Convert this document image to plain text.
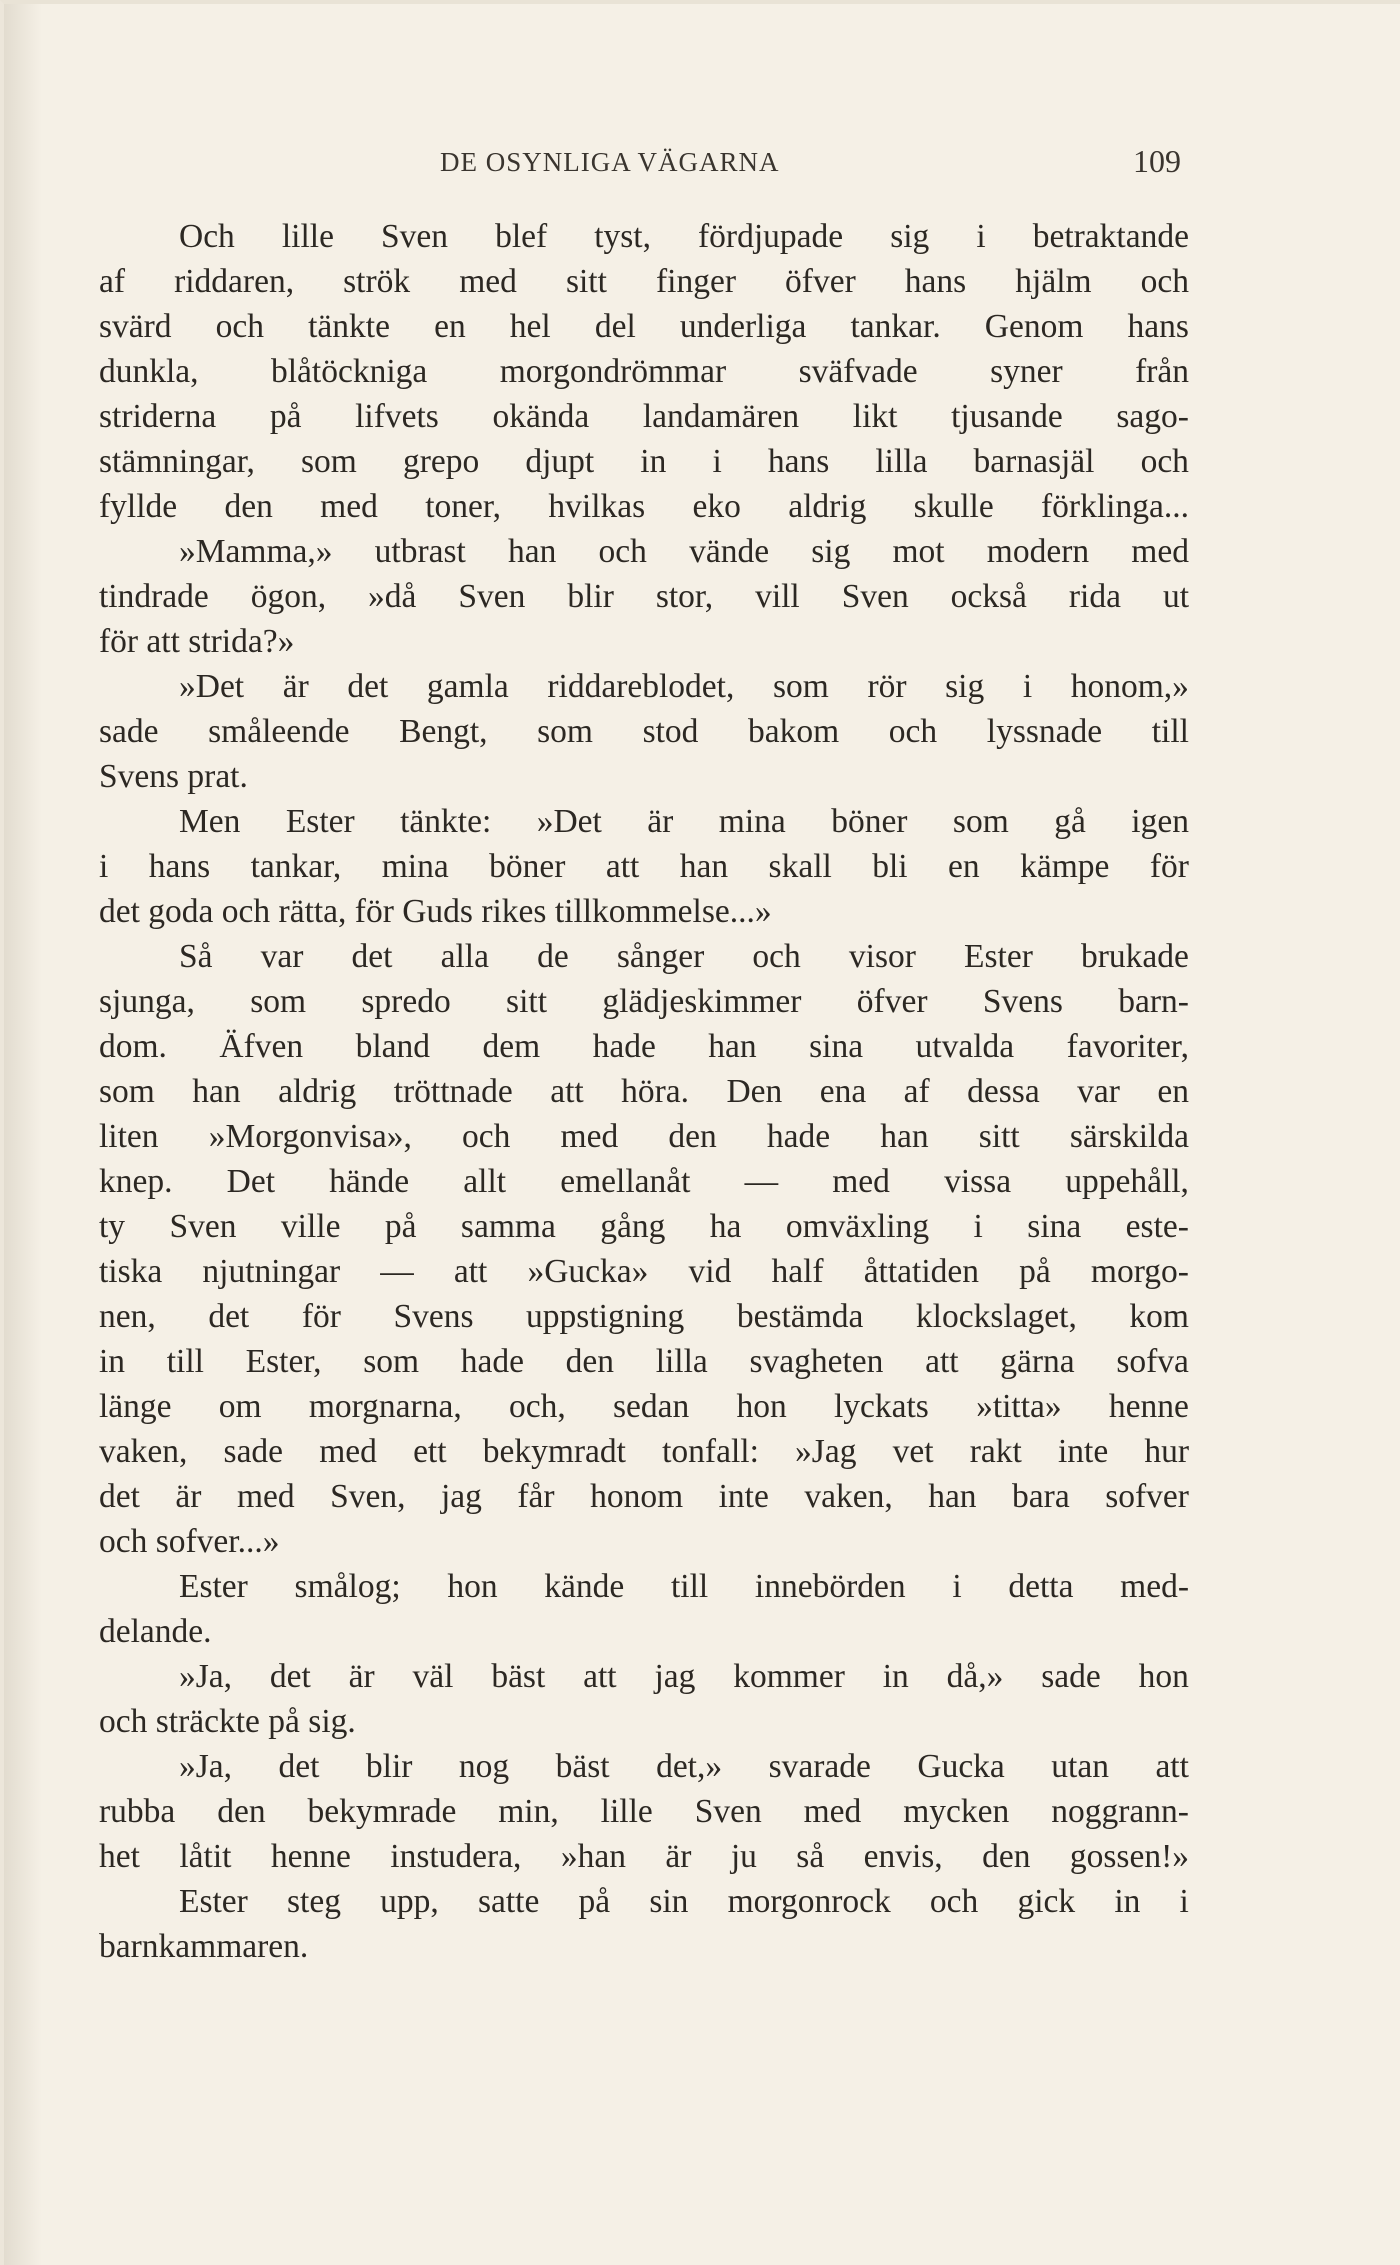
DE OSYNLIGA VÄGARNA	109
Och lille Sven blef tyst, fördjupade sig i betraktande
af riddaren, strök med sitt finger öfver hans hjälm och
svärd och tänkte en hel del underliga tankar. Genom hans
dunkla, blåtöckniga morgondrömmar sväfvade syner från
striderna på lifvets okända landamären likt tjusande sago-
stämningar, som grepo djupt in i hans lilla barnasjäl och
fyllde den med toner, hvilkas eko aldrig skulle förklinga...
»Mamma,» utbrast han och vände sig mot modern med
tindrade ögon, »då Sven blir stor, vill Sven också rida ut
för att strida?»
»Det är det gamla riddareblodet, som rör sig i honom,»
sade småleende Bengt, som stod bakom och lyssnade till
Svens prat.
Men Ester tänkte: »Det är mina böner som gå igen
i hans tankar, mina böner att han skall bli en kämpe för
det goda och rätta, för Guds rikes tillkommelse...»
Så var det alla de sånger och visor Ester brukade
sjunga, som spredo sitt glädjeskimmer öfver Svens barn-
dom. Äfven bland dem hade han sina utvalda favoriter,
som han aldrig tröttnade att höra. Den ena af dessa var en
liten »Morgonvisa», och med den hade han sitt särskilda
knep. Det hände allt emellanåt — med vissa uppehåll,
ty Sven ville på samma gång ha omväxling i sina este-
tiska njutningar — att »Gucka» vid half åttatiden på morgo-
nen, det för Svens uppstigning bestämda klockslaget, kom
in till Ester, som hade den lilla svagheten att gärna sofva
länge om morgnarna, och, sedan hon lyckats »titta» henne
vaken, sade med ett bekymradt tonfall: »Jag vet rakt inte hur
det är med Sven, jag får honom inte vaken, han bara sofver
och sofver...»
Ester smålog; hon kände till innebörden i detta med-
delande.
»Ja, det är väl bäst att jag kommer in då,» sade hon
och sträckte på sig.
»Ja, det blir nog bäst det,» svarade Gucka utan att
rubba den bekymrade min, lille Sven med mycken noggrann-
het låtit henne instudera, »han är ju så envis, den gossen!»
Ester steg upp, satte på sin morgonrock och gick in i
barnkammaren.
